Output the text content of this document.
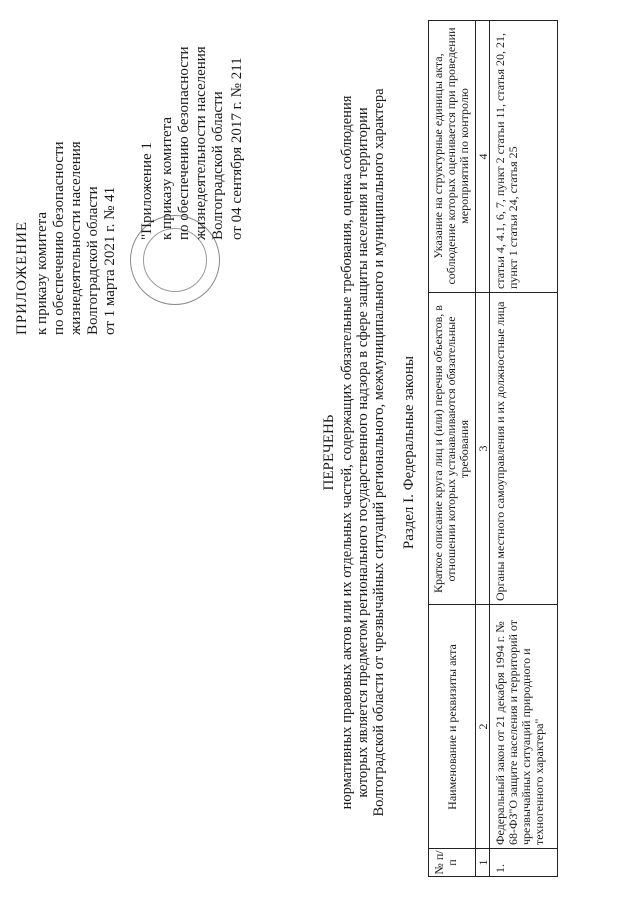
ПРИЛОЖЕНИЕ к приказу комитета по обеспечению безопасности жизнедеятельности населения Волгоградской области от 1 марта 2021 г. № 41 "Приложение 1 к приказу комитета по обеспечению безопасности жизнедеятельности населения Волгоградской области от 04 сентября 2017 г. № 211
ПЕРЕЧЕНЬ нормативных правовых актов или их отдельных частей, содержащих обязательные требования, оценка соблюдения которых является предметом регионального государственного надзора в сфере защиты населения и территории Волгоградской области от чрезвычайных ситуаций регионального, межмуниципального и муниципального характера Раздел I. Федеральные законы
№ п/п
Наименование и реквизиты акта
Краткое описание круга лиц и (или) перечня объектов, в отношении которых устанавливаются обязательные требования
Указание на структурные единицы акта, соблюдение которых оценивается при проведении мероприятий по контролю
1
2
3
4
1.
Федеральный закон от 21 декабря 1994 г. № 68-ФЗ"О защите населения и территорий от чрезвычайных ситуаций природного и техногенного характера"
Органы местного самоуправления и их должностные лица
статьи 4, 4.1, 6, 7, пункт 2 статьи 11, статья 20, 21, пункт 1 статьи 24, статья 25
